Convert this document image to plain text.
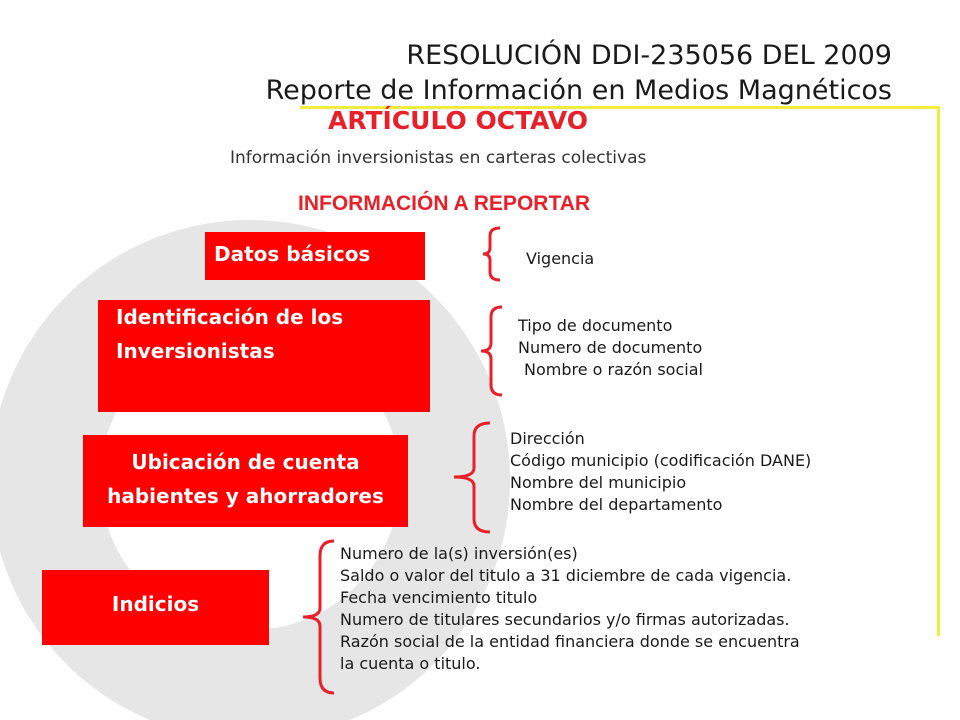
RESOLUCIÓN DDI-235056 DEL 2009
Reporte de Información en Medios Magnéticos
ARTÍCULO OCTAVO
Información inversionistas en carteras colectivas
INFORMACIÓN A REPORTAR
Datos básicos	Vigencia
Identificación de los
Inversionistas
Tipo de documento
Numero de documento
Nombre o razón social
Ubicación de cuenta
habientes y ahorradores
Dirección
Código municipio (codificación DANE)
Nombre del municipio
Nombre del departamento
Indicios
Numero de la(s) inversión(es)
Saldo o valor del titulo a 31 diciembre de cada vigencia.
Fecha vencimiento titulo
Numero de titulares secundarios y/o firmas autorizadas.
Razón social de la entidad financiera donde se encuentra
la cuenta o titulo.
